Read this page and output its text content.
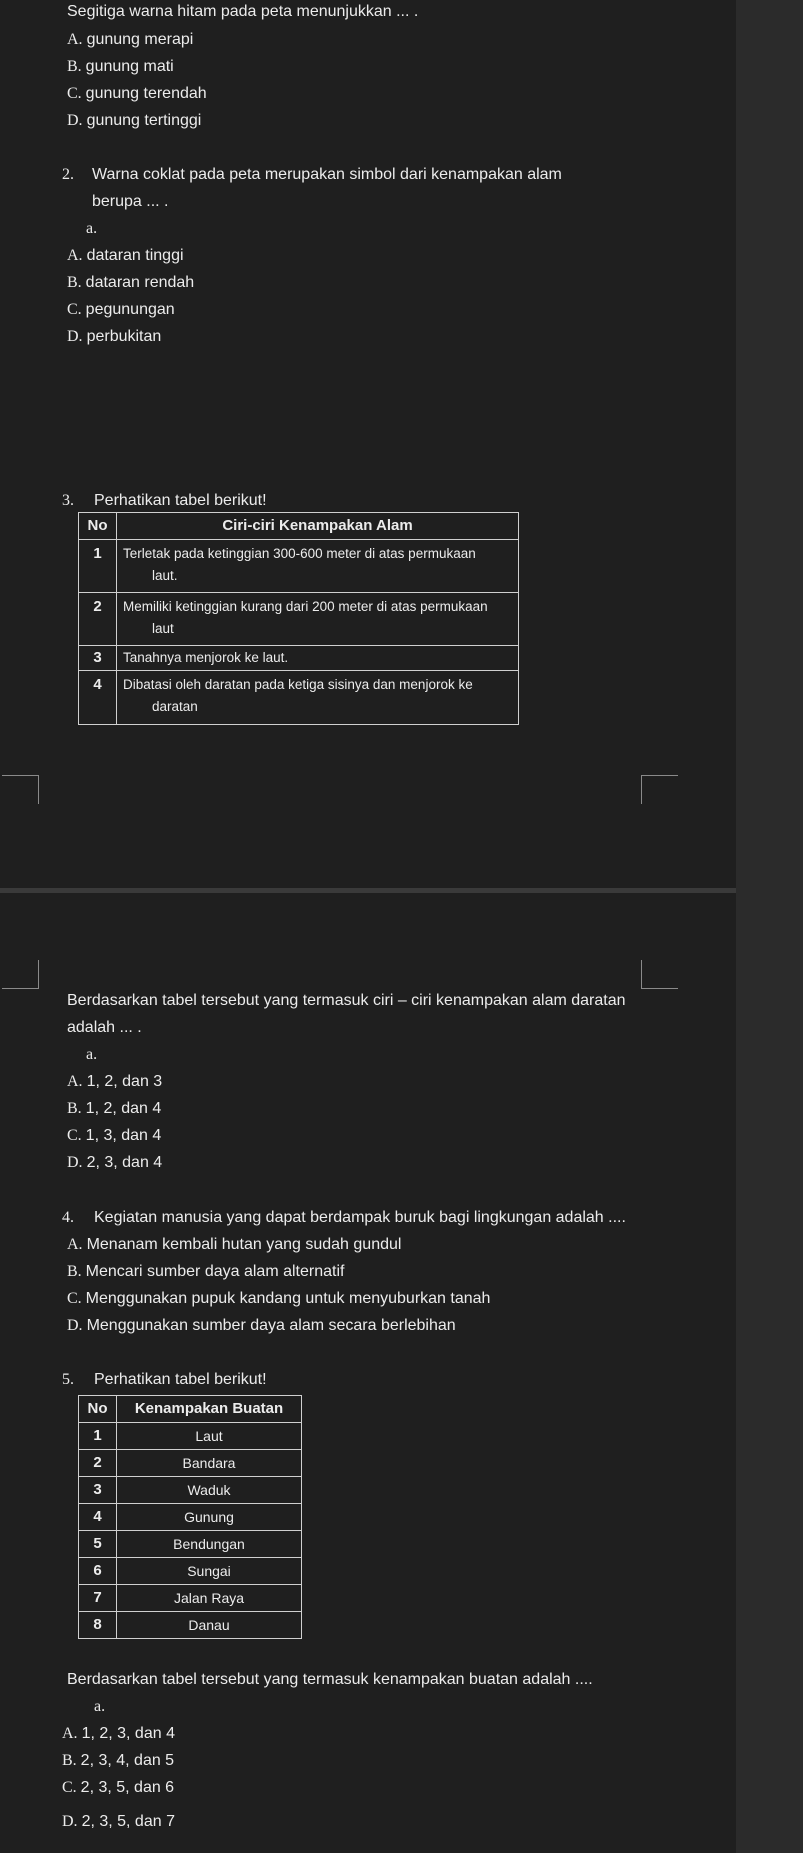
Segitiga warna hitam pada peta menunjukkan ... .
A. gunung merapi
B. gunung mati
C. gunung terendah
D. gunung tertinggi
2. Warna coklat pada peta merupakan simbol dari kenampakan alam
berupa ... .
a.
A. dataran tinggi
B. dataran rendah
C. pegunungan
D. perbukitan
3. Perhatikan tabel berikut!
No	Ciri-ciri Kenampakan Alam

1	Terletak pada ketinggian 300-600 meter di atas permukaan
laut.

2	Memiliki ketinggian kurang dari 200 meter di atas permukaan
laut

3	Tanahnya menjorok ke laut.

4	Dibatasi oleh daratan pada ketiga sisinya dan menjorok ke
daratan
Berdasarkan tabel tersebut yang termasuk ciri – ciri kenampakan alam daratan
adalah ... .
a.
A. 1, 2, dan 3
B. 1, 2, dan 4
C. 1, 3, dan 4
D. 2, 3, dan 4
4. Kegiatan manusia yang dapat berdampak buruk bagi lingkungan adalah ....
A. Menanam kembali hutan yang sudah gundul
B. Mencari sumber daya alam alternatif
C. Menggunakan pupuk kandang untuk menyuburkan tanah
D. Menggunakan sumber daya alam secara berlebihan
5. Perhatikan tabel berikut!
No	Kenampakan Buatan
1	Laut
2	Bandara
3	Waduk
4	Gunung
5	Bendungan
6	Sungai
7	Jalan Raya
8	Danau
Berdasarkan tabel tersebut yang termasuk kenampakan buatan adalah ....
a.
A. 1, 2, 3, dan 4
B. 2, 3, 4, dan 5
C. 2, 3, 5, dan 6
D. 2, 3, 5, dan 7
